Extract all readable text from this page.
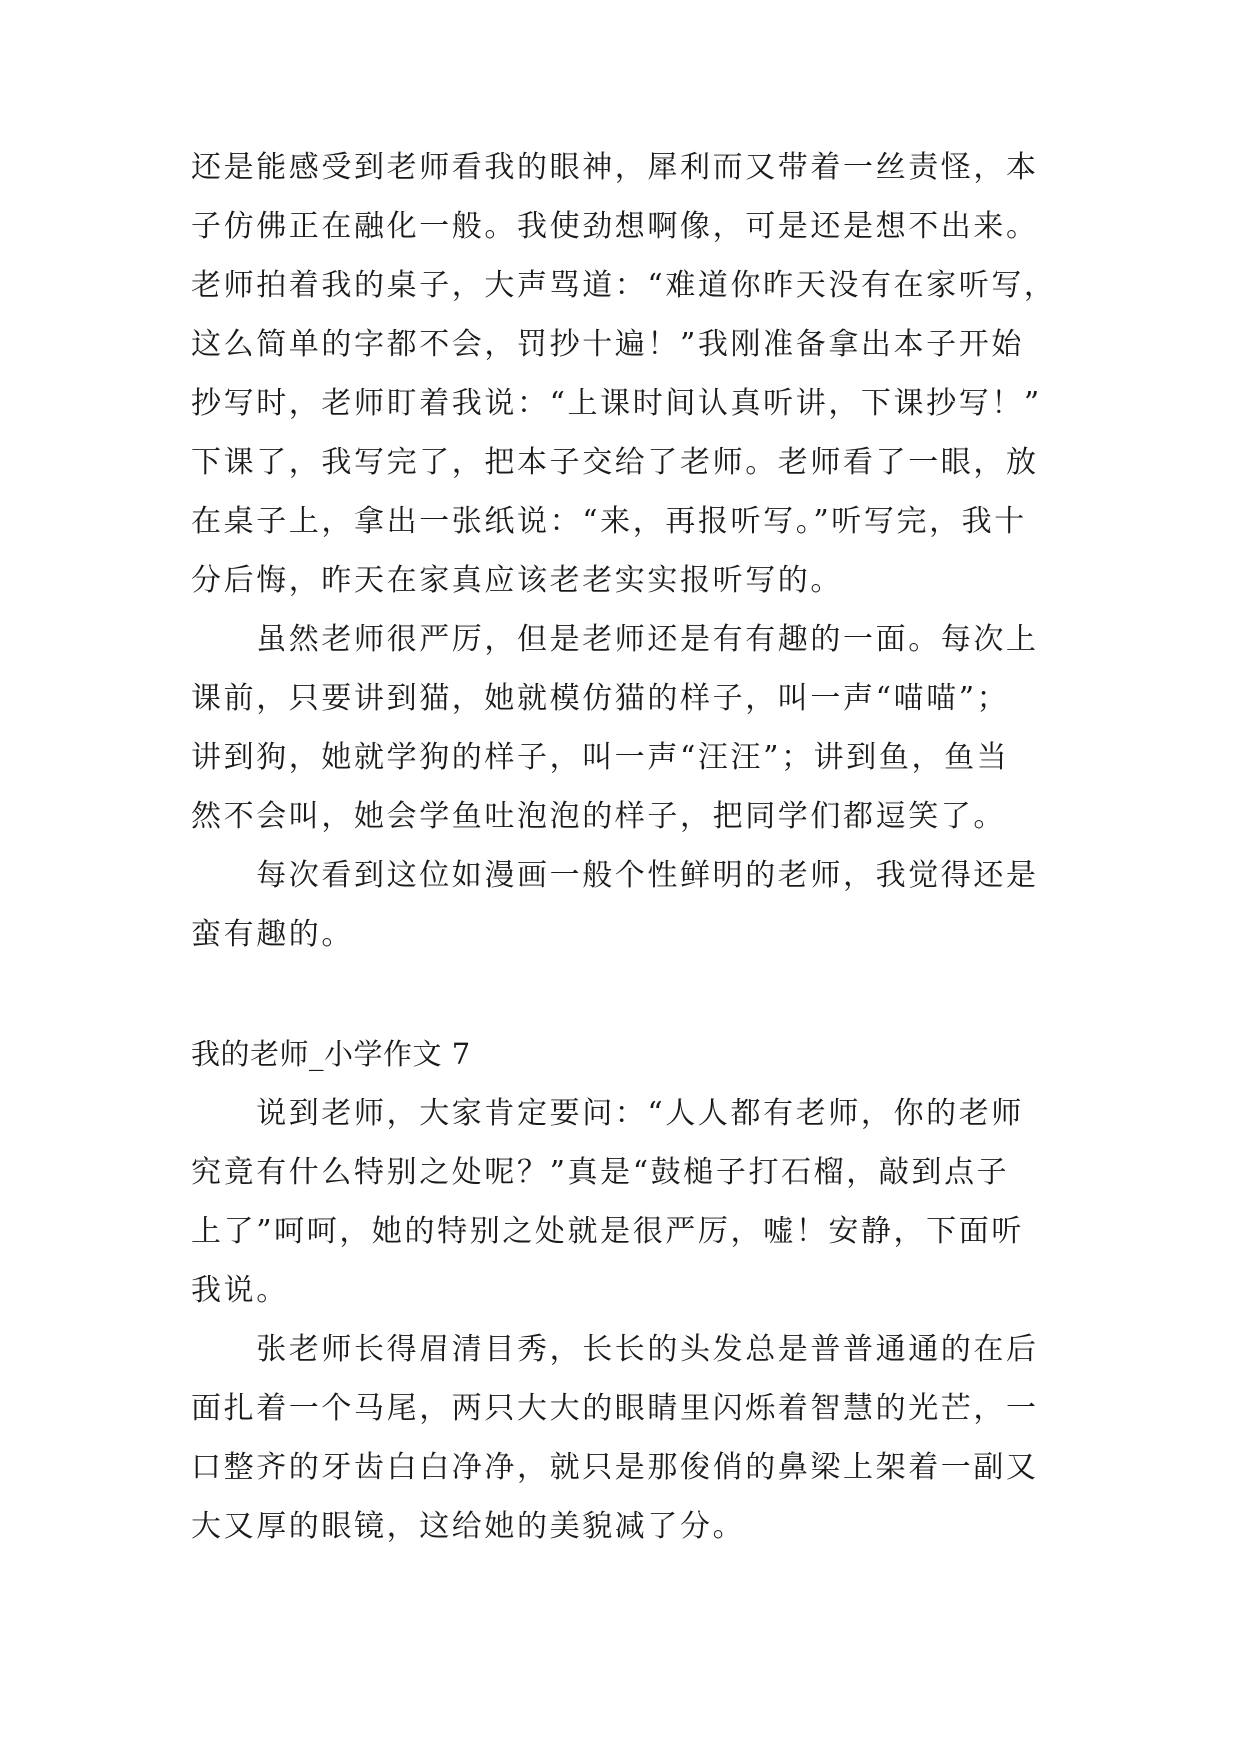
还是能感受到老师看我的眼神，犀利而又带着一丝责怪，本
子仿佛正在融化一般。我使劲想啊像，可是还是想不出来。
老师拍着我的桌子，大声骂道：“难道你昨天没有在家听写，
这么简单的字都不会，罚抄十遍！”我刚准备拿出本子开始
抄写时，老师盯着我说：“上课时间认真听讲，下课抄写！”
下课了，我写完了，把本子交给了老师。老师看了一眼，放
在桌子上，拿出一张纸说：“来，再报听写。”听写完，我十
分后悔，昨天在家真应该老老实实报听写的。
　　虽然老师很严厉，但是老师还是有有趣的一面。每次上
课前，只要讲到猫，她就模仿猫的样子，叫一声“喵喵”；
讲到狗，她就学狗的样子，叫一声“汪汪”；讲到鱼，鱼当
然不会叫，她会学鱼吐泡泡的样子，把同学们都逗笑了。
　　每次看到这位如漫画一般个性鲜明的老师，我觉得还是
蛮有趣的。
我的老师_小学作文 7
　　说到老师，大家肯定要问：“人人都有老师，你的老师
究竟有什么特别之处呢？”真是“鼓槌子打石榴，敲到点子
上了”呵呵，她的特别之处就是很严厉，嘘！安静，下面听
我说。
　　张老师长得眉清目秀，长长的头发总是普普通通的在后
面扎着一个马尾，两只大大的眼睛里闪烁着智慧的光芒，一
口整齐的牙齿白白净净，就只是那俊俏的鼻梁上架着一副又
大又厚的眼镜，这给她的美貌减了分。
